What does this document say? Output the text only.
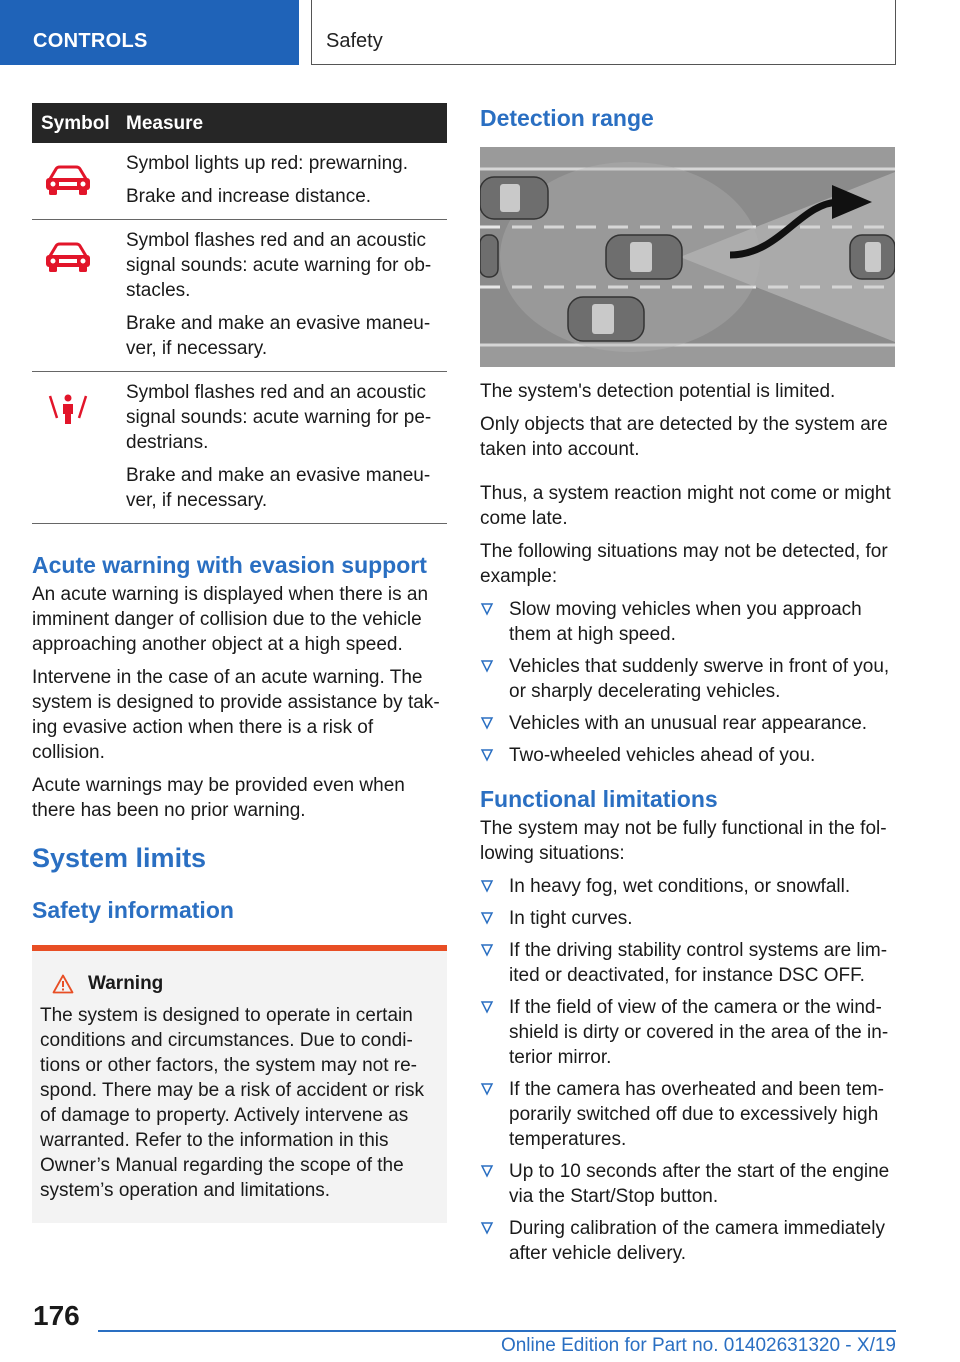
CONTROLS	Safety
Symbol Measure

Symbol lights up red: prewarning.

Brake and increase distance.

Symbol flashes red and an acoustic signal sounds: acute warning for obstacles.

Brake and make an evasive maneuver, if necessary.

Symbol flashes red and an acoustic signal sounds: acute warning for pedestrians.

Brake and make an evasive maneuver, if necessary.

Acute warning with evasion support

An acute warning is displayed when there is an imminent danger of collision due to the vehicle approaching another object at a high speed.

Intervene in the case of an acute warning. The system is designed to provide assistance by taking evasive action when there is a risk of collision.

Acute warnings may be provided even when there has been no prior warning.

System limits
Safety information
Warning

The system is designed to operate in certain conditions and circumstances. Due to conditions or other factors, the system may not respond. There may be a risk of accident or risk of damage to property. Actively intervene as warranted. Refer to the information in this Owner’s Manual regarding the scope of the system’s operation and limitations.

Detection range

The system's detection potential is limited.

Only objects that are detected by the system are taken into account.

Thus, a system reaction might not come or might come late.

The following situations may not be detected, for example:

Slow moving vehicles when you approach them at high speed.
Vehicles that suddenly swerve in front of you, or sharply decelerating vehicles.
Vehicles with an unusual rear appearance.
Two-wheeled vehicles ahead of you.
Functional limitations

The system may not be fully functional in the following situations:

In heavy fog, wet conditions, or snowfall.
In tight curves.
If the driving stability control systems are limited or deactivated, for instance DSC OFF.
If the field of view of the camera or the windshield is dirty or covered in the area of the interior mirror.
If the camera has overheated and been temporarily switched off due to excessively high temperatures.
Up to 10 seconds after the start of the engine via the Start/Stop button.
During calibration of the camera immediately after vehicle delivery.
176
Online Edition for Part no. 01402631320 - X/19
